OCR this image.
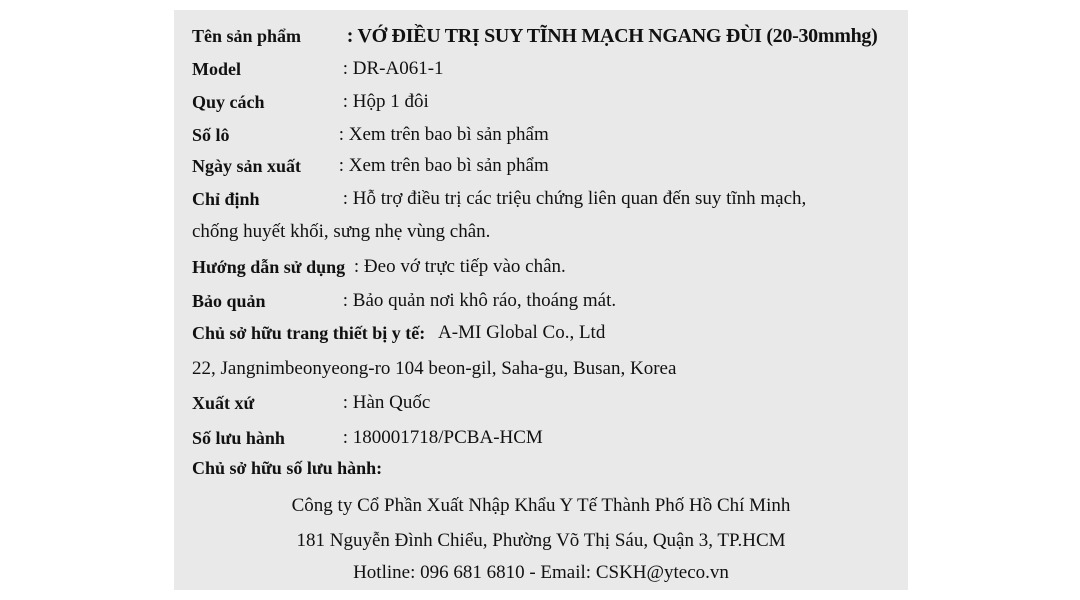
Tên sản phẩm : VỚ ĐIỀU TRỊ SUY TĨNH MẠCH NGANG ĐÙI (20-30mmhg)
Model	: DR-A061-1
Quy cách	: Hộp 1 đôi
Số lô	: Xem trên bao bì sản phẩm
Ngày sản xuất : Xem trên bao bì sản phẩm
Chỉ định	: Hỗ trợ điều trị các triệu chứng liên quan đến suy tĩnh mạch,
chống huyết khối, sưng nhẹ vùng chân.
Hướng dẫn sử dụng : Đeo vớ trực tiếp vào chân.
Bảo quản	: Bảo quản nơi khô ráo, thoáng mát.
Chủ sở hữu trang thiết bị y tế: A-MI Global Co., Ltd
22, Jangnimbeonyeong-ro 104 beon-gil, Saha-gu, Busan, Korea
Xuất xứ	: Hàn Quốc
Số lưu hành	: 180001718/PCBA-HCM
Chủ sở hữu số lưu hành:
Công ty Cổ Phần Xuất Nhập Khẩu Y Tế Thành Phố Hồ Chí Minh
181 Nguyễn Đình Chiểu, Phường Võ Thị Sáu, Quận 3, TP.HCM
Hotline: 096 681 6810 - Email: CSKH@yteco.vn
